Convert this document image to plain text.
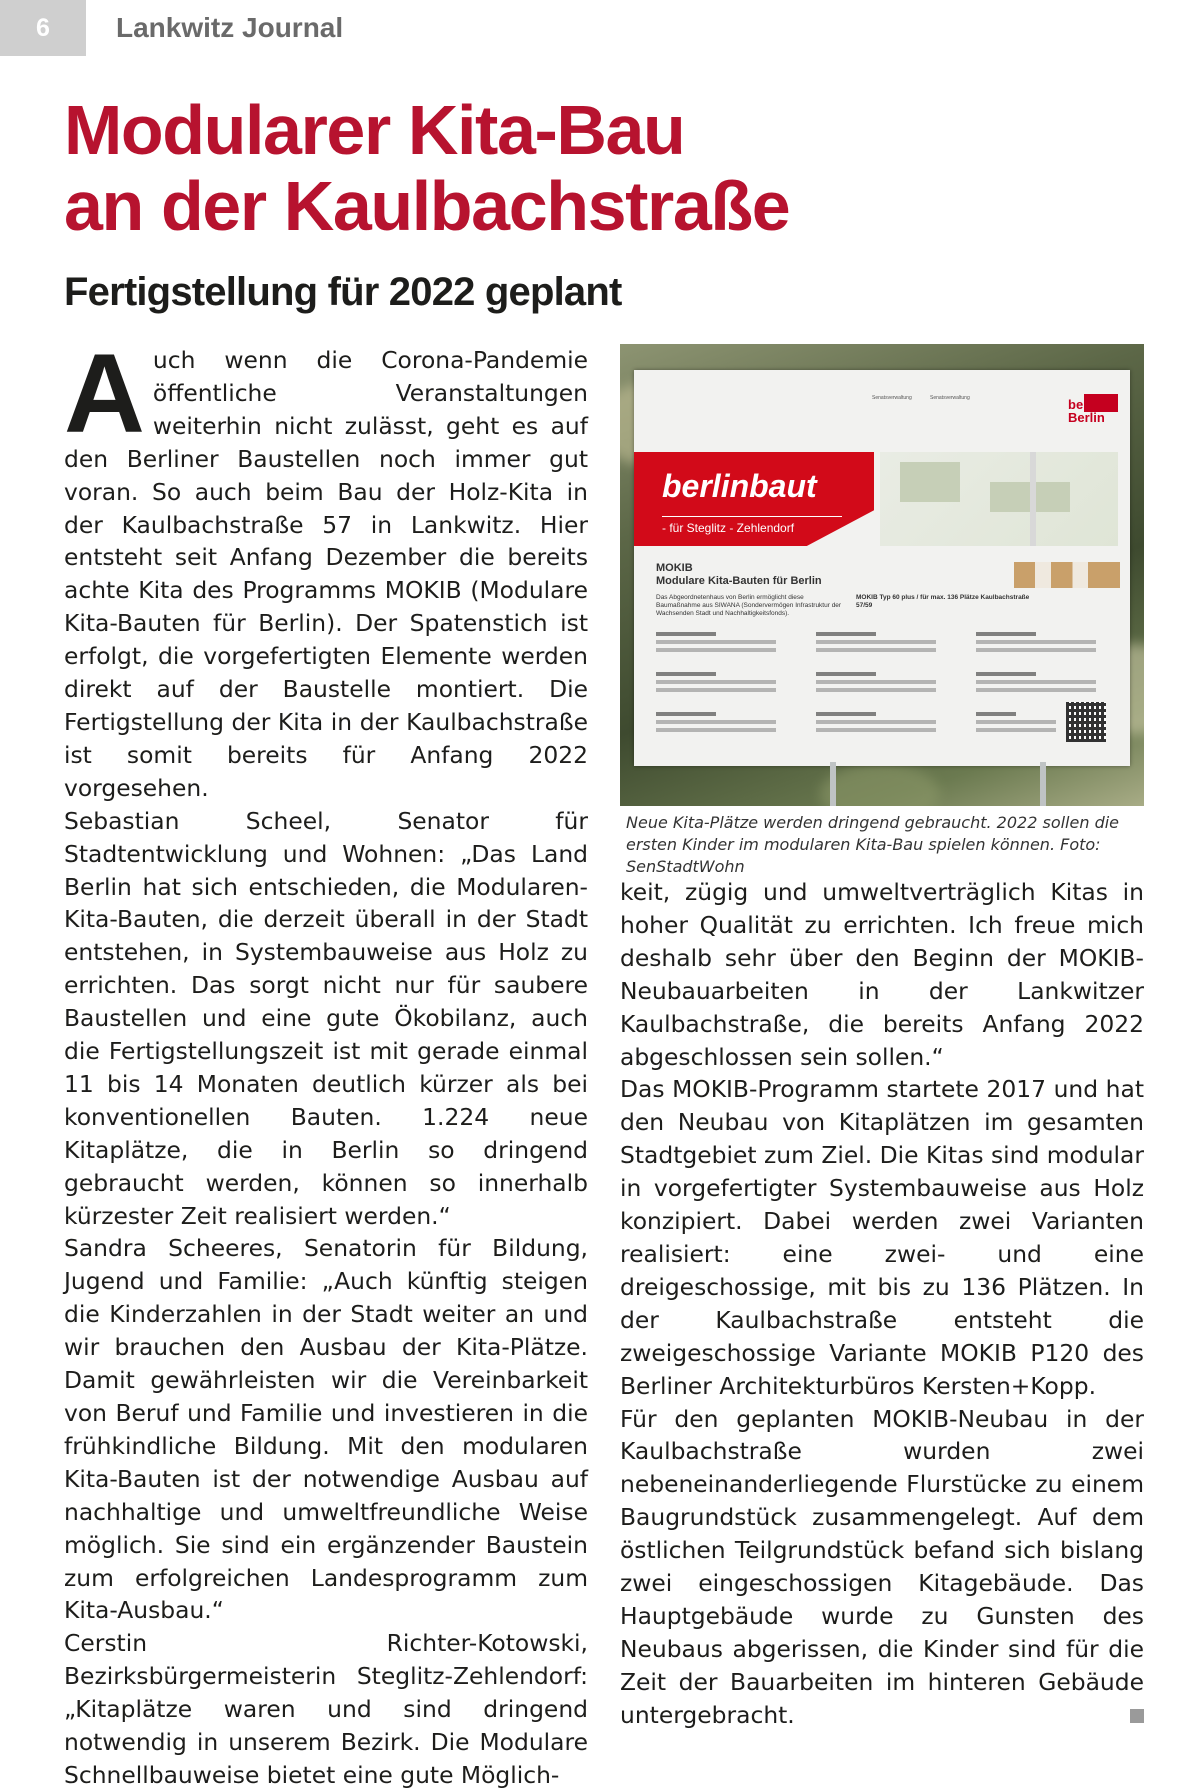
6	Lankwitz Journal
Modularer Kita-Bau
an der Kaulbachstraße
Fertigstellung für 2022 geplant
A uch wenn die Corona-Pandemie öffentliche Veranstaltungen weiterhin nicht zulässt, geht es auf den Berliner Baustellen noch immer gut voran. So auch beim Bau der Holz-Kita in der Kaulbachstraße 57 in Lankwitz. Hier entsteht seit Anfang Dezember die bereits achte Kita des Programms MOKIB (Modulare Kita-Bauten für Berlin). Der Spatenstich ist erfolgt, die vorgefertigten Elemente werden direkt auf der Baustelle montiert. Die Fertigstellung der Kita in der Kaulbachstraße ist somit bereits für Anfang 2022 vorgesehen.

Sebastian Scheel, Senator für Stadtentwicklung und Wohnen: „Das Land Berlin hat sich entschieden, die Modularen-Kita-Bauten, die derzeit überall in der Stadt entstehen, in Systembauweise aus Holz zu errichten. Das sorgt nicht nur für saubere Baustellen und eine gute Ökobilanz, auch die Fertigstellungszeit ist mit gerade einmal 11 bis 14 Monaten deutlich kürzer als bei konventionellen Bauten. 1.224 neue Kitaplätze, die in Berlin so dringend gebraucht werden, können so innerhalb kürzester Zeit realisiert werden.“

Sandra Scheeres, Senatorin für Bildung, Jugend und Familie: „Auch künftig steigen die Kinderzahlen in der Stadt weiter an und wir brauchen den Ausbau der Kita-Plätze. Damit gewährleisten wir die Vereinbarkeit von Beruf und Familie und investieren in die frühkindliche Bildung. Mit den modularen Kita-Bauten ist der notwendige Ausbau auf nachhaltige und umweltfreundliche Weise möglich. Sie sind ein ergänzender Baustein zum erfolgreichen Landesprogramm zum Kita-Ausbau.“

Cerstin Richter-Kotowski, Bezirksbürgermeisterin Steglitz-Zehlendorf: „Kitaplätze waren und sind dringend notwendig in unserem Bezirk. Die Modulare Schnellbauweise bietet eine gute Möglich-

Senatsverwaltung	Senatsverwaltung	be Berlin
berlinbaut
- für Steglitz - Zehlendorf
MOKIB
Modulare Kita-Bauten für Berlin
Das Abgeordnetenhaus von Berlin ermöglicht diese Baumaßnahme aus SIWANA (Sondervermögen Infrastruktur der Wachsenden Stadt und Nachhaltigkeitsfonds).
MOKIB Typ 60 plus / für max. 136 Plätze Kaulbachstraße 57/59
Neue Kita-Plätze werden dringend gebraucht. 2022 sollen die ersten Kinder im modularen Kita-Bau spielen können. Foto: SenStadtWohn

keit, zügig und umweltverträglich Kitas in hoher Qualität zu errichten. Ich freue mich deshalb sehr über den Beginn der MOKIB-Neubauarbeiten in der Lankwitzer Kaulbachstraße, die bereits Anfang 2022 abgeschlossen sein sollen.“

Das MOKIB-Programm startete 2017 und hat den Neubau von Kitaplätzen im gesamten Stadtgebiet zum Ziel. Die Kitas sind modular in vorgefertigter Systembauweise aus Holz konzipiert. Dabei werden zwei Varianten realisiert: eine zwei- und eine dreigeschossige, mit bis zu 136 Plätzen. In der Kaulbachstraße entsteht die zweigeschossige Variante MOKIB P120 des Berliner Architekturbüros Kersten+Kopp.

Für den geplanten MOKIB-Neubau in der Kaulbachstraße wurden zwei nebeneinanderliegende Flurstücke zu einem Baugrundstück zusammengelegt. Auf dem östlichen Teilgrundstück befand sich bislang zwei eingeschossigen Kitagebäude. Das Hauptgebäude wurde zu Gunsten des Neubaus abgerissen, die Kinder sind für die Zeit der Bauarbeiten im hinteren Gebäude untergebracht.
